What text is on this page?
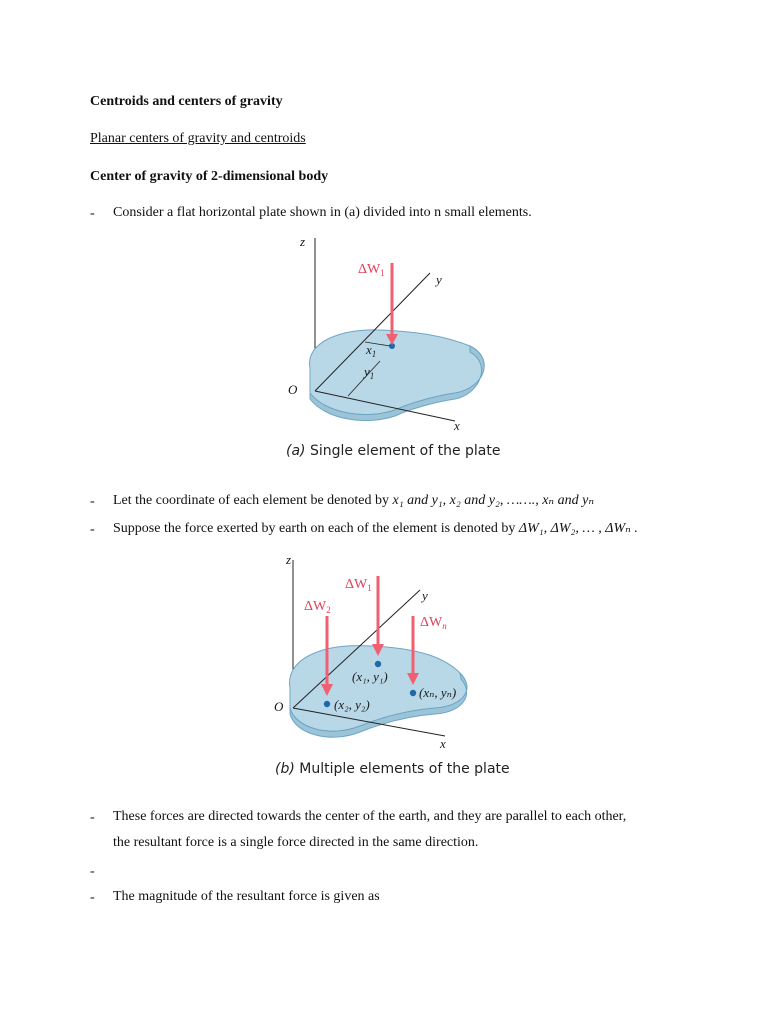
Centroids and centers of gravity
Planar centers of gravity and centroids
Center of gravity of 2-dimensional body
- Consider a flat horizontal plate shown in (a) divided into n small elements.
z
y
x
O
$\Delta W_1$
$x_1$
$y_1$
(a) Single element of the plate
- Let the coordinate of each element be denoted by x₁ and y₁, x₂ and y₂, ……., xₙ and yₙ
- Suppose the force exerted by earth on each of the element is denoted by ΔW₁, ΔW₂, … , ΔWₙ .
z
y
x
O
$\Delta W_1$
$\Delta W_2$
$\Delta W_n$
(x₁, y₁)
(x₂, y₂)
(xₙ, yₙ)
(b) Multiple elements of the plate
- These forces are directed towards the center of the earth, and they are parallel to each other,
the resultant force is a single force directed in the same direction.
-
- The magnitude of the resultant force is given as
